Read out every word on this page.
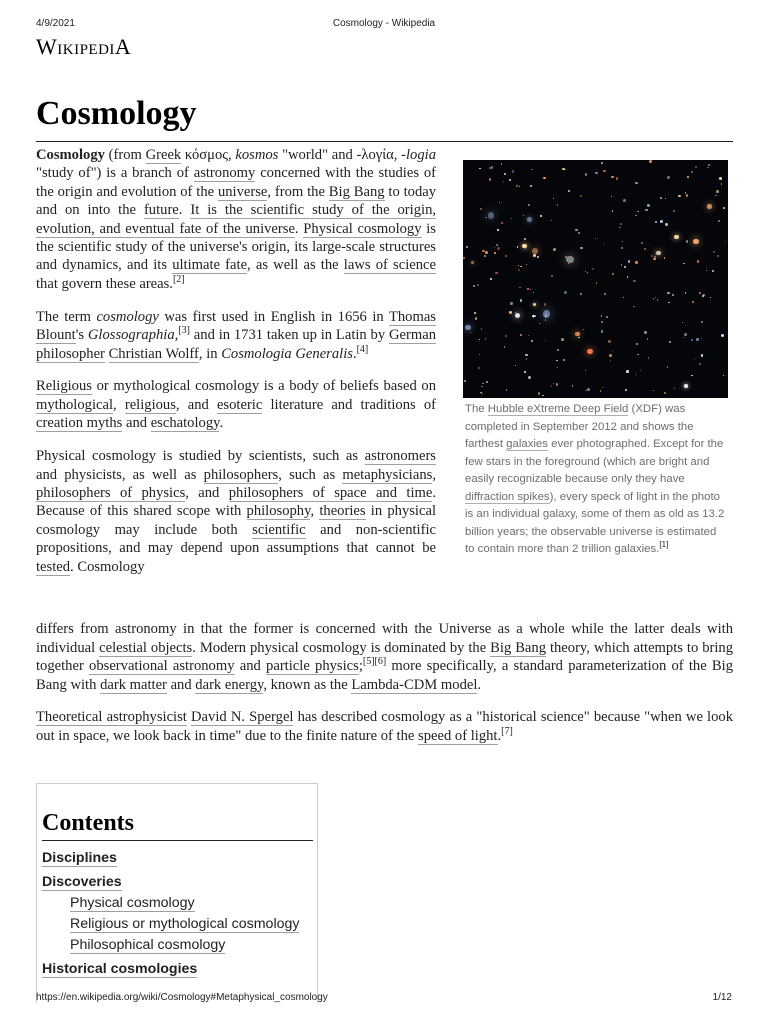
4/9/2021	Cosmology - Wikipedia
WikipediA
Cosmology

Cosmology (from Greek κόσμος, kosmos "world" and -λογία, -logia "study of") is a branch of astronomy concerned with the studies of the origin and evolution of the universe, from the Big Bang to today and on into the future. It is the scientific study of the origin, evolution, and eventual fate of the universe. Physical cosmology is the scientific study of the universe's origin, its large-scale structures and dynamics, and its ultimate fate, as well as the laws of science that govern these areas.[2]

The term cosmology was first used in English in 1656 in Thomas Blount's Glossographia,[3] and in 1731 taken up in Latin by German philosopher Christian Wolff, in Cosmologia Generalis.[4]

Religious or mythological cosmology is a body of beliefs based on mythological, religious, and esoteric literature and traditions of creation myths and eschatology.

Physical cosmology is studied by scientists, such as astronomers and physicists, as well as philosophers, such as metaphysicians, philosophers of physics, and philosophers of space and time. Because of this shared scope with philosophy, theories in physical cosmology may include both scientific and non-scientific propositions, and may depend upon assumptions that cannot be tested. Cosmology

The Hubble eXtreme Deep Field (XDF) was completed in September 2012 and shows the farthest galaxies ever photographed. Except for the few stars in the foreground (which are bright and easily recognizable because only they have diffraction spikes), every speck of light in the photo is an individual galaxy, some of them as old as 13.2 billion years; the observable universe is estimated to contain more than 2 trillion galaxies.[1]

differs from astronomy in that the former is concerned with the Universe as a whole while the latter deals with individual celestial objects. Modern physical cosmology is dominated by the Big Bang theory, which attempts to bring together observational astronomy and particle physics;[5][6] more specifically, a standard parameterization of the Big Bang with dark matter and dark energy, known as the Lambda-CDM model.

Theoretical astrophysicist David N. Spergel has described cosmology as a "historical science" because "when we look out in space, we look back in time" due to the finite nature of the speed of light.[7]

Contents
Disciplines
Discoveries
Physical cosmology
Religious or mythological cosmology
Philosophical cosmology
Historical cosmologies
https://en.wikipedia.org/wiki/Cosmology#Metaphysical_cosmology	1/12
